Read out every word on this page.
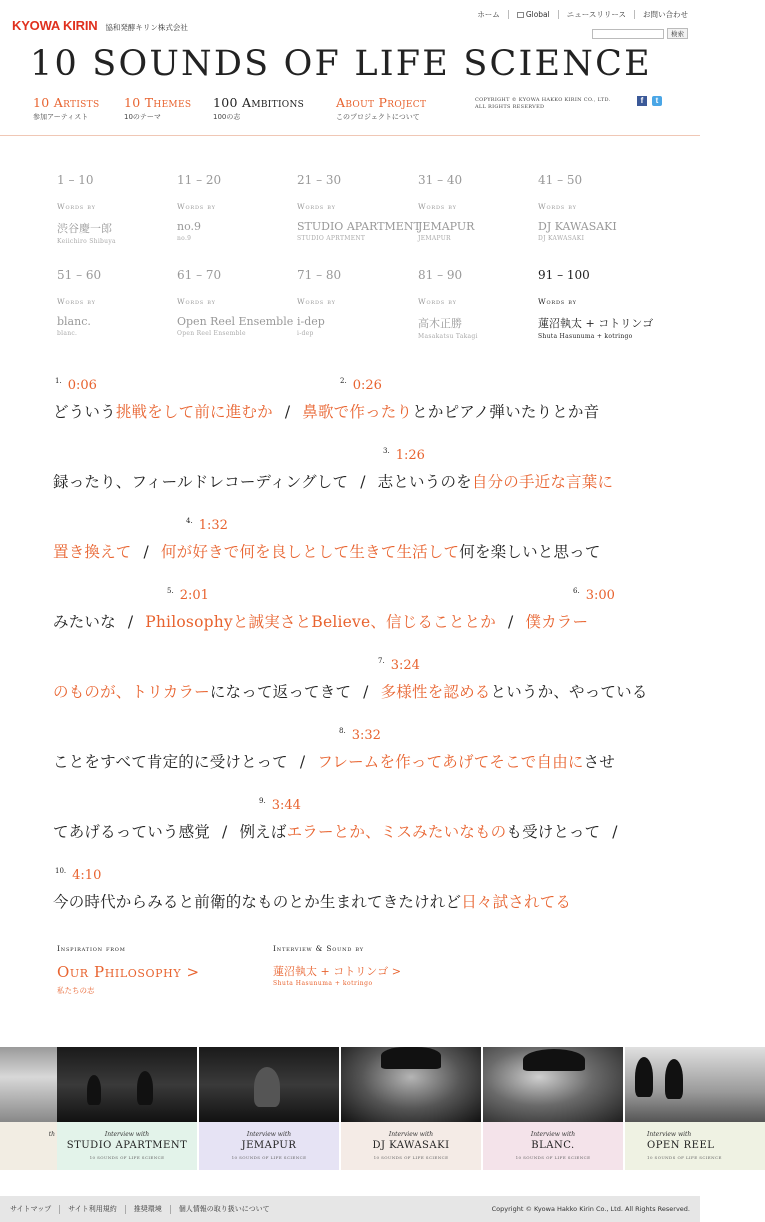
KYOWA KIRIN 協和発酵キリン株式会社
ホーム	Global ニュースリリース お問い合わせ
検索
10 SOUNDS OF LIFE SCIENCE
10 Artists
参加アーティスト
10 Themes
10のテーマ
100 Ambitions
100の志
About Project
このプロジェクトについて
COPYRIGHT © KYOWA HAKKO KIRIN CO., LTD.
ALL RIGHTS RESERVED
f	t
1 – 10
Words by
渋谷慶一郎
Keiichiro Shibuya
11 – 20
Words by
no.9
no.9
21 – 30
Words by
STUDIO APARTMENT
STUDIO APRTMENT
31 – 40
Words by
JEMAPUR
JEMAPUR
41 – 50
Words by
DJ KAWASAKI
DJ KAWASAKI
51 – 60
Words by
blanc.
blanc.
61 – 70
Words by
Open Reel Ensemble
Open Reel Ensemble
71 – 80
Words by
i-dep
i-dep
81 – 90
Words by
高木正勝
Masakatsu Takagi
91 – 100
Words by
蓮沼執太 + コトリンゴ
Shuta Hasunuma + kotringo
$^{1.}$ 0:06	$^{2.}$ 0:26
$^{3.}$ 1:26
$^{4.}$ 1:32
$^{5.}$ 2:01	$^{6.}$ 3:00
$^{7.}$ 3:24
$^{8.}$ 3:32
$^{9.}$ 3:44
$^{10.}$ 4:10
どういう挑戦をして前に進むか / 鼻歌で作ったりとかピアノ弾いたりとか音
録ったり、フィールドレコーディングして / 志というのを自分の手近な言葉に
置き換えて / 何が好きで何を良しとして生きて生活して何を楽しいと思って
みたいな / Philosophyと誠実さとBelieve、信じることとか / 僕カラー
のものが、トリカラーになって返ってきて / 多様性を認めるというか、やっている
ことをすべて肯定的に受けとって / フレームを作ってあげてそこで自由にさせ
てあげるっていう感覚 / 例えばエラーとか、ミスみたいなものも受けとって /
今の時代からみると前衛的なものとか生まれてきたけれど日々試されてる
Inspiration from
Our Philosophy >
私たちの志
Interview & Sound by
蓮沼執太 + コトリンゴ >
Shuta Hasunuma + kotringo
th	Interview with
STUDIO APARTMENT
10 SOUNDS OF LIFE SCIENCE
Interview with
JEMAPUR
10 SOUNDS OF LIFE SCIENCE
Interview with
DJ KAWASAKI
10 SOUNDS OF LIFE SCIENCE
Interview with
BLANC.
10 SOUNDS OF LIFE SCIENCE
Interview with
OPEN REEL
10 SOUNDS OF LIFE SCIENCE
サイトマップ サイト利用規約 推奨環境 個人情報の取り扱いについて	Copyright © Kyowa Hakko Kirin Co., Ltd. All Rights Reserved.
